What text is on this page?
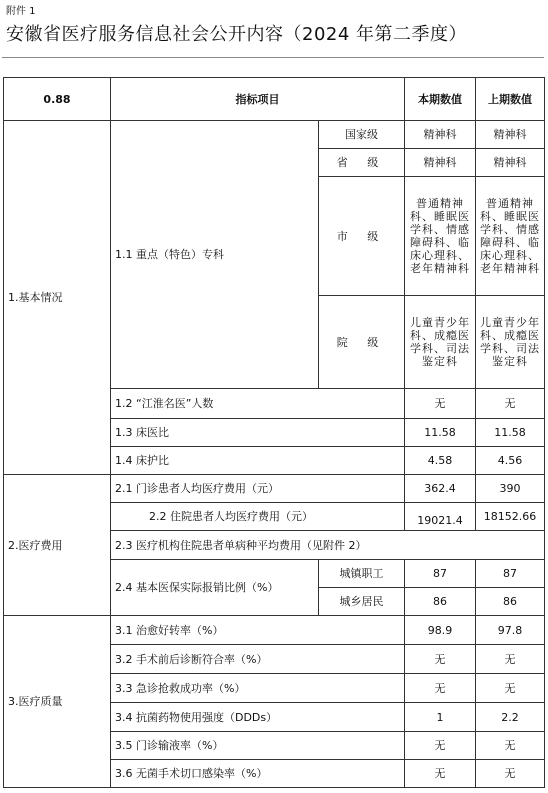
附件 1
安徽省医疗服务信息社会公开内容（2024 年第二季度）
0.88	指标项目		本期数值	上期数值
1.基本情况	1.1 重点（特色）专科	国家级	精神科	精神科
		省 级	精神科	精神科
		市 级	普通精神科、睡眠医学科、情感障碍科、临床心理科、老年精神科	普通精神科、睡眠医学科、情感障碍科、临床心理科、老年精神科
		院 级	儿童青少年科、成瘾医学科、司法鉴定科	儿童青少年科、成瘾医学科、司法鉴定科
	1.2 “江淮名医”人数		无	无
	1.3 床医比		11.58	11.58
	1.4 床护比		4.58	4.56
2.医疗费用	2.1 门诊患者人均医疗费用（元）		362.4	390
	2.2 住院患者人均医疗费用（元）		19021.4	18152.66
	2.3 医疗机构住院患者单病种平均费用（见附件 2）			
	2.4 基本医保实际报销比例（%）	城镇职工	87	87
		城乡居民	86	86
3.医疗质量	3.1 治愈好转率（%）		98.9	97.8
	3.2 手术前后诊断符合率（%）		无	无
	3.3 急诊抢救成功率（%）		无	无
	3.4 抗菌药物使用强度（DDDs）		1	2.2
	3.5 门诊输液率（%）		无	无
	3.6 无菌手术切口感染率（%）		无	无
